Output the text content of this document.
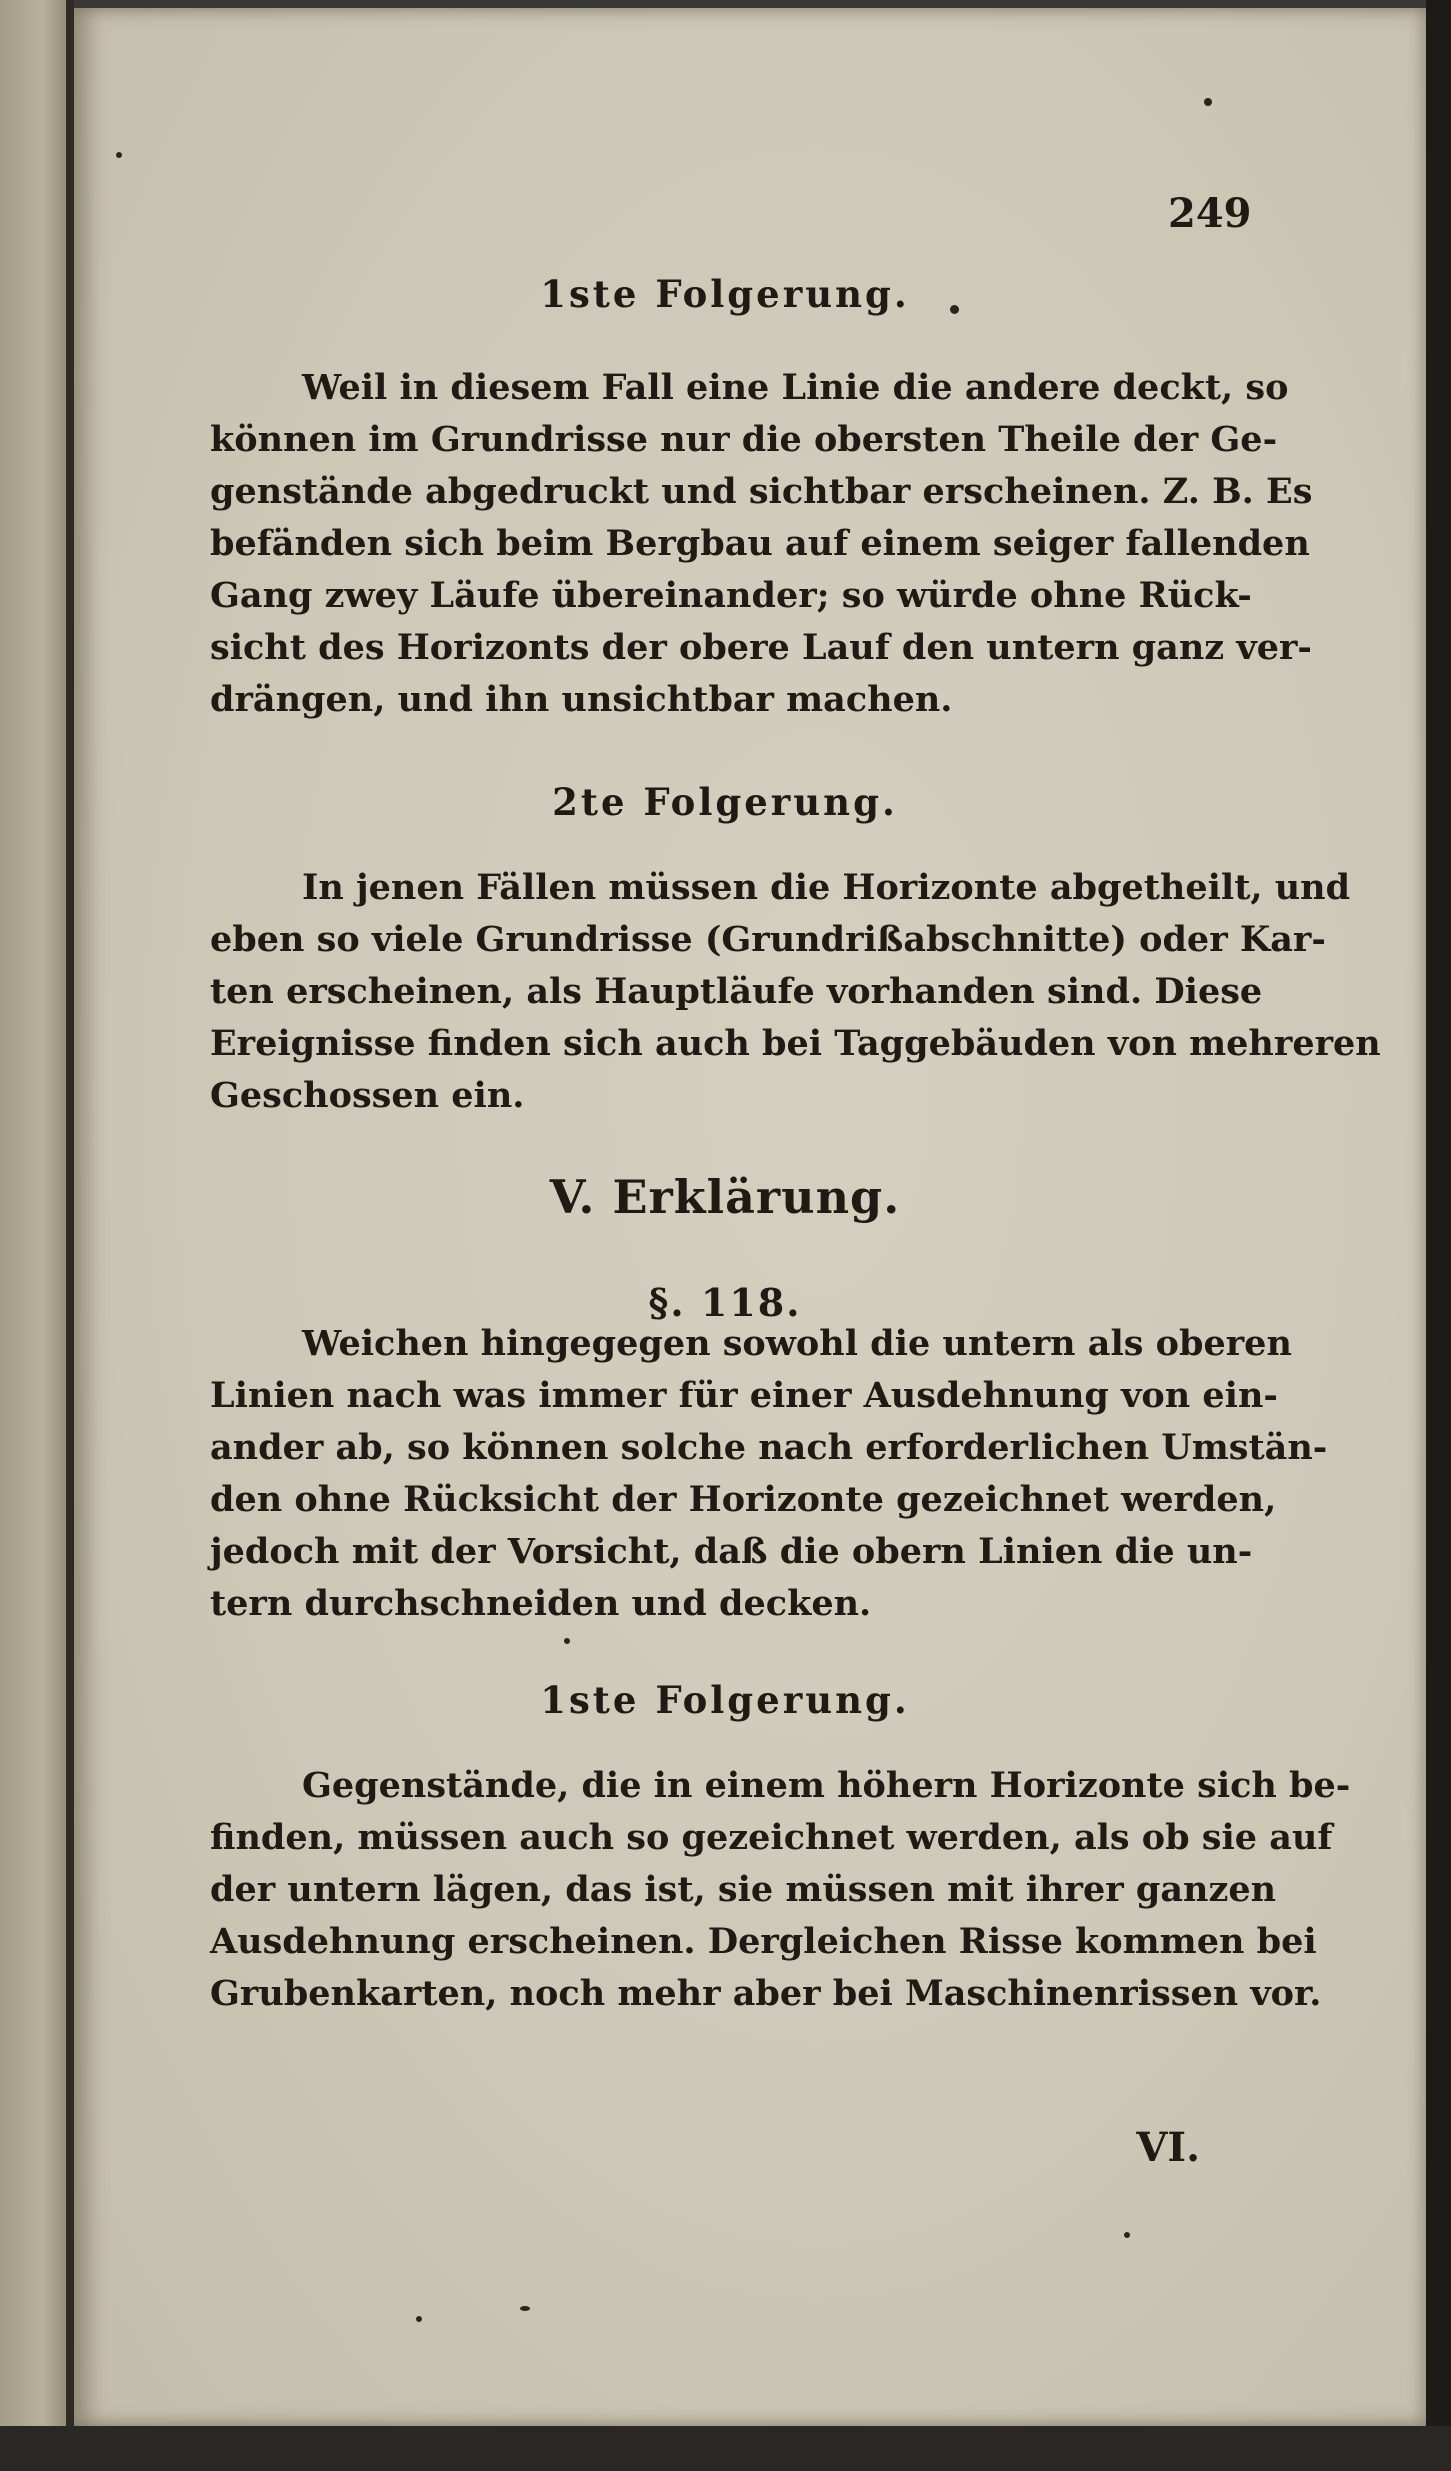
249
1ste Folgerung.
Weil in diesem Fall eine Linie die andere deckt, so
können im Grundrisse nur die obersten Theile der Ge-
genstände abgedruckt und sichtbar erscheinen. Z. B. Es
befänden sich beim Bergbau auf einem seiger fallenden
Gang zwey Läufe übereinander; so würde ohne Rück-
sicht des Horizonts der obere Lauf den untern ganz ver-
drängen, und ihn unsichtbar machen.
2te Folgerung.
In jenen Fällen müssen die Horizonte abgetheilt, und
eben so viele Grundrisse (Grundrißabschnitte) oder Kar-
ten erscheinen, als Hauptläufe vorhanden sind. Diese
Ereignisse finden sich auch bei Taggebäuden von mehreren
Geschossen ein.
V. Erklärung.
§. 118.
Weichen hingegegen sowohl die untern als oberen
Linien nach was immer für einer Ausdehnung von ein-
ander ab, so können solche nach erforderlichen Umstän-
den ohne Rücksicht der Horizonte gezeichnet werden,
jedoch mit der Vorsicht, daß die obern Linien die un-
tern durchschneiden und decken.
1ste Folgerung.
Gegenstände, die in einem höhern Horizonte sich be-
finden, müssen auch so gezeichnet werden, als ob sie auf
der untern lägen, das ist, sie müssen mit ihrer ganzen
Ausdehnung erscheinen. Dergleichen Risse kommen bei
Grubenkarten, noch mehr aber bei Maschinenrissen vor.
VI.
